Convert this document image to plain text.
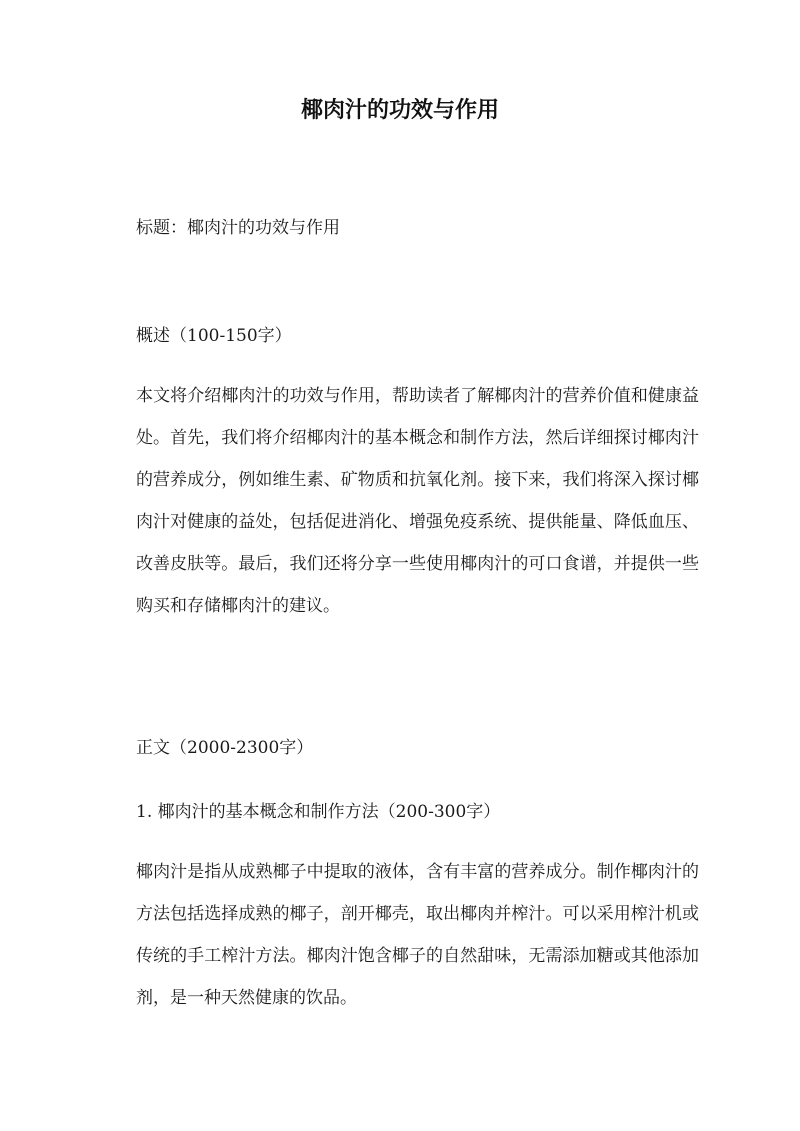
椰肉汁的功效与作用

标题：椰肉汁的功效与作用

概述（100-150字）

本文将介绍椰肉汁的功效与作用，帮助读者了解椰肉汁的营养价值和健康益处。首先，我们将介绍椰肉汁的基本概念和制作方法，然后详细探讨椰肉汁的营养成分，例如维生素、矿物质和抗氧化剂。接下来，我们将深入探讨椰肉汁对健康的益处，包括促进消化、增强免疫系统、提供能量、降低血压、改善皮肤等。最后，我们还将分享一些使用椰肉汁的可口食谱，并提供一些购买和存储椰肉汁的建议。

正文（2000-2300字）

1. 椰肉汁的基本概念和制作方法（200-300字）

椰肉汁是指从成熟椰子中提取的液体，含有丰富的营养成分。制作椰肉汁的方法包括选择成熟的椰子，剖开椰壳，取出椰肉并榨汁。可以采用榨汁机或传统的手工榨汁方法。椰肉汁饱含椰子的自然甜味，无需添加糖或其他添加剂，是一种天然健康的饮品。
